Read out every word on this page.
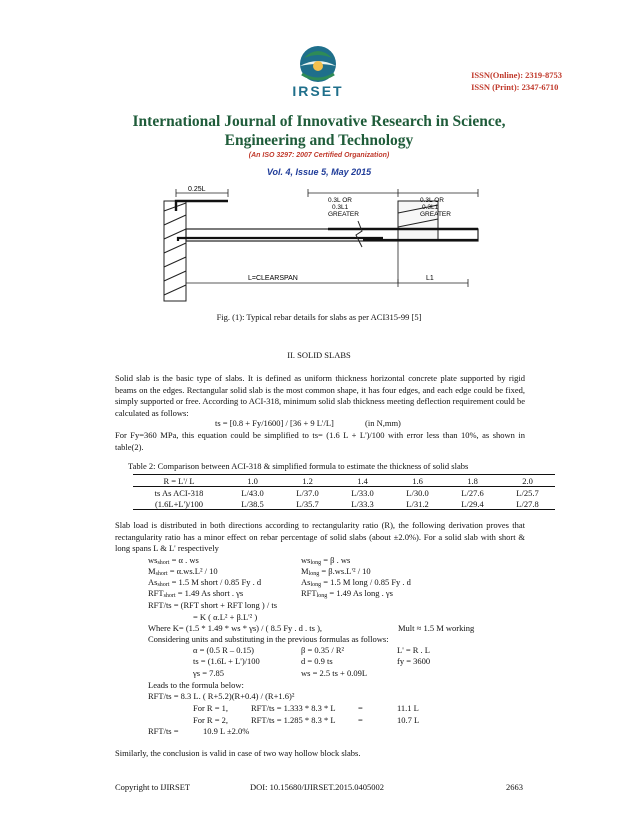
IRSET
ISSN(Online): 2319-8753
ISSN (Print): 2347-6710
International Journal of Innovative Research in Science,
Engineering and Technology
(An ISO 3297: 2007 Certified Organization)
Vol. 4, Issue 5, May 2015
0.25L
0.3L OR
0.3L1
GREATER
0.3L OR
0.3L1
GREATER
L=CLEARSPAN	L1
Fig. (1): Typical rebar details for slabs as per ACI315-99 [5]
II. SOLID SLABS
Solid slab is the basic type of slabs. It is defined as uniform thickness horizontal concrete plate supported by rigid beams on the edges. Rectangular solid slab is the most common shape, it has four edges, and each edge could be fixed, simply supported or free. According to ACI-318, minimum solid slab thickness meeting deflection requirement could be calculated as follows:
ts = [0.8 + Fy/1600] / [36 + 9 L'/L]	(in N,mm)
For Fy=360 MPa, this equation could be simplified to ts= (1.6 L + L')/100 with error less than 10%, as shown in table(2).
Table 2: Comparison between ACI-318 & simplified formula to estimate the thickness of solid slabs
R = L'/ L	1.0	1.2	1.4	1.6	1.8	2.0
ts As ACI-318	L/43.0	L/37.0	L/33.0	L/30.0	L/27.6	L/25.7
(1.6L+L')/100	L/38.5	L/35.7	L/33.3	L/31.2	L/29.4	L/27.8
Slab load is distributed in both directions according to rectangularity ratio (R), the following derivation proves that rectangularity ratio has a minor effect on rebar percentage of solid slabs (about ±2.0%). For a solid slab with short & long spans L & L' respectively
$ws_{short} = \alpha$ . ws	$ws_{long} = \beta$ . ws
$M_{short} = \alpha.ws.L^2 / 10$	$M_{long} = \beta.ws.L'^2 / 10$
$As_{short} = 1.5$ M short / 0.85 Fy . d	$As_{long} = 1.5$ M long / 0.85 Fy . d
$RFT_{short} = 1.49$ As short . γs	$RFT_{long} = 1.49$ As long . γs
RFT/ts = (RFT short + RFT long ) / ts
= K ( α.L² + β.L'² )
Where K= (1.5 * 1.49 * ws * γs) / ( 8.5 Fy . d . ts ),	Mult ≈ 1.5 M working
Considering units and substituting in the previous formulas as follows:
α = (0.5 R – 0.15)	β = 0.35 / R²	L' = R . L
ts = (1.6L + L')/100	d = 0.9 ts	fy = 3600
γs = 7.85	ws = 2.5 ts + 0.09L
Leads to the formula below:
RFT/ts = 8.3 L. ( R+5.2)(R+0.4) / (R+1.6)²
For R = 1,	RFT/ts = 1.333 * 8.3 * L	=	11.1 L
For R = 2,	RFT/ts = 1.285 * 8.3 * L	=	10.7 L
RFT/ts =	10.9 L ±2.0%
Similarly, the conclusion is valid in case of two way hollow block slabs.
Copyright to IJIRSET	DOI: 10.15680/IJIRSET.2015.0405002	2663
